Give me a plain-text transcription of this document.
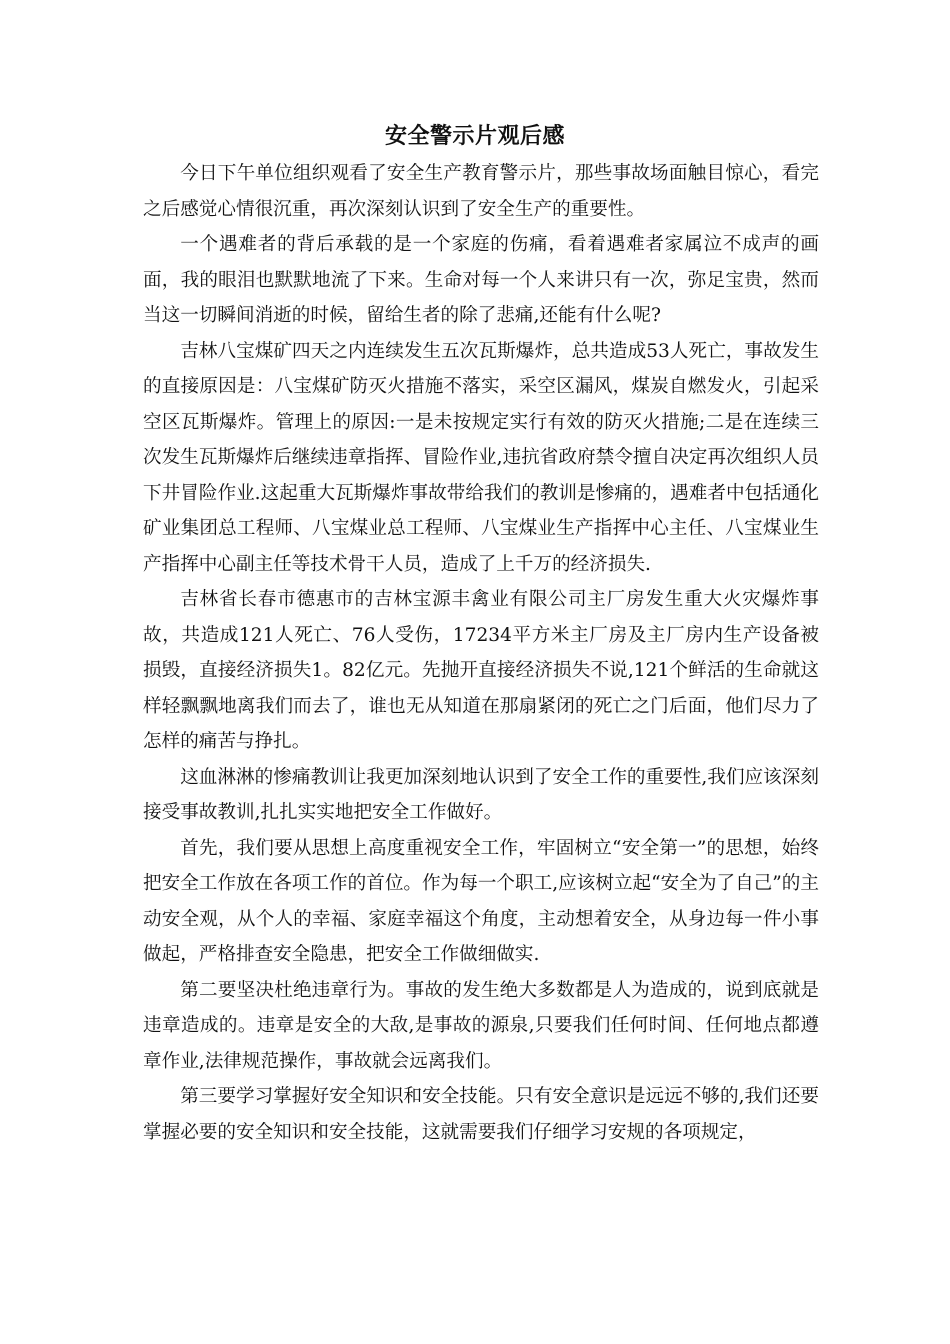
安全警示片观后感

今日下午单位组织观看了安全生产教育警示片，那些事故场面触目惊心，看完之后感觉心情很沉重，再次深刻认识到了安全生产的重要性。

一个遇难者的背后承载的是一个家庭的伤痛，看着遇难者家属泣不成声的画面，我的眼泪也默默地流了下来。生命对每一个人来讲只有一次，弥足宝贵，然而当这一切瞬间消逝的时候，留给生者的除了悲痛,还能有什么呢?

吉林八宝煤矿四天之内连续发生五次瓦斯爆炸，总共造成53人死亡，事故发生的直接原因是：八宝煤矿防灭火措施不落实，采空区漏风，煤炭自燃发火，引起采空区瓦斯爆炸。管理上的原因:一是未按规定实行有效的防灭火措施;二是在连续三次发生瓦斯爆炸后继续违章指挥、冒险作业,违抗省政府禁令擅自决定再次组织人员下井冒险作业.这起重大瓦斯爆炸事故带给我们的教训是惨痛的，遇难者中包括通化矿业集团总工程师、八宝煤业总工程师、八宝煤业生产指挥中心主任、八宝煤业生产指挥中心副主任等技术骨干人员，造成了上千万的经济损失.

吉林省长春市德惠市的吉林宝源丰禽业有限公司主厂房发生重大火灾爆炸事故，共造成121人死亡、76人受伤，17234平方米主厂房及主厂房内生产设备被损毁，直接经济损失1。82亿元。先抛开直接经济损失不说,121个鲜活的生命就这样轻飘飘地离我们而去了，谁也无从知道在那扇紧闭的死亡之门后面，他们尽力了怎样的痛苦与挣扎。

这血淋淋的惨痛教训让我更加深刻地认识到了安全工作的重要性,我们应该深刻接受事故教训,扎扎实实地把安全工作做好。

首先，我们要从思想上高度重视安全工作，牢固树立“安全第一”的思想，始终把安全工作放在各项工作的首位。作为每一个职工,应该树立起“安全为了自己”的主动安全观，从个人的幸福、家庭幸福这个角度，主动想着安全，从身边每一件小事做起，严格排查安全隐患，把安全工作做细做实.

第二要坚决杜绝违章行为。事故的发生绝大多数都是人为造成的，说到底就是违章造成的。违章是安全的大敌,是事故的源泉,只要我们任何时间、任何地点都遵章作业,法律规范操作，事故就会远离我们。

第三要学习掌握好安全知识和安全技能。只有安全意识是远远不够的,我们还要掌握必要的安全知识和安全技能，这就需要我们仔细学习安规的各项规定，
